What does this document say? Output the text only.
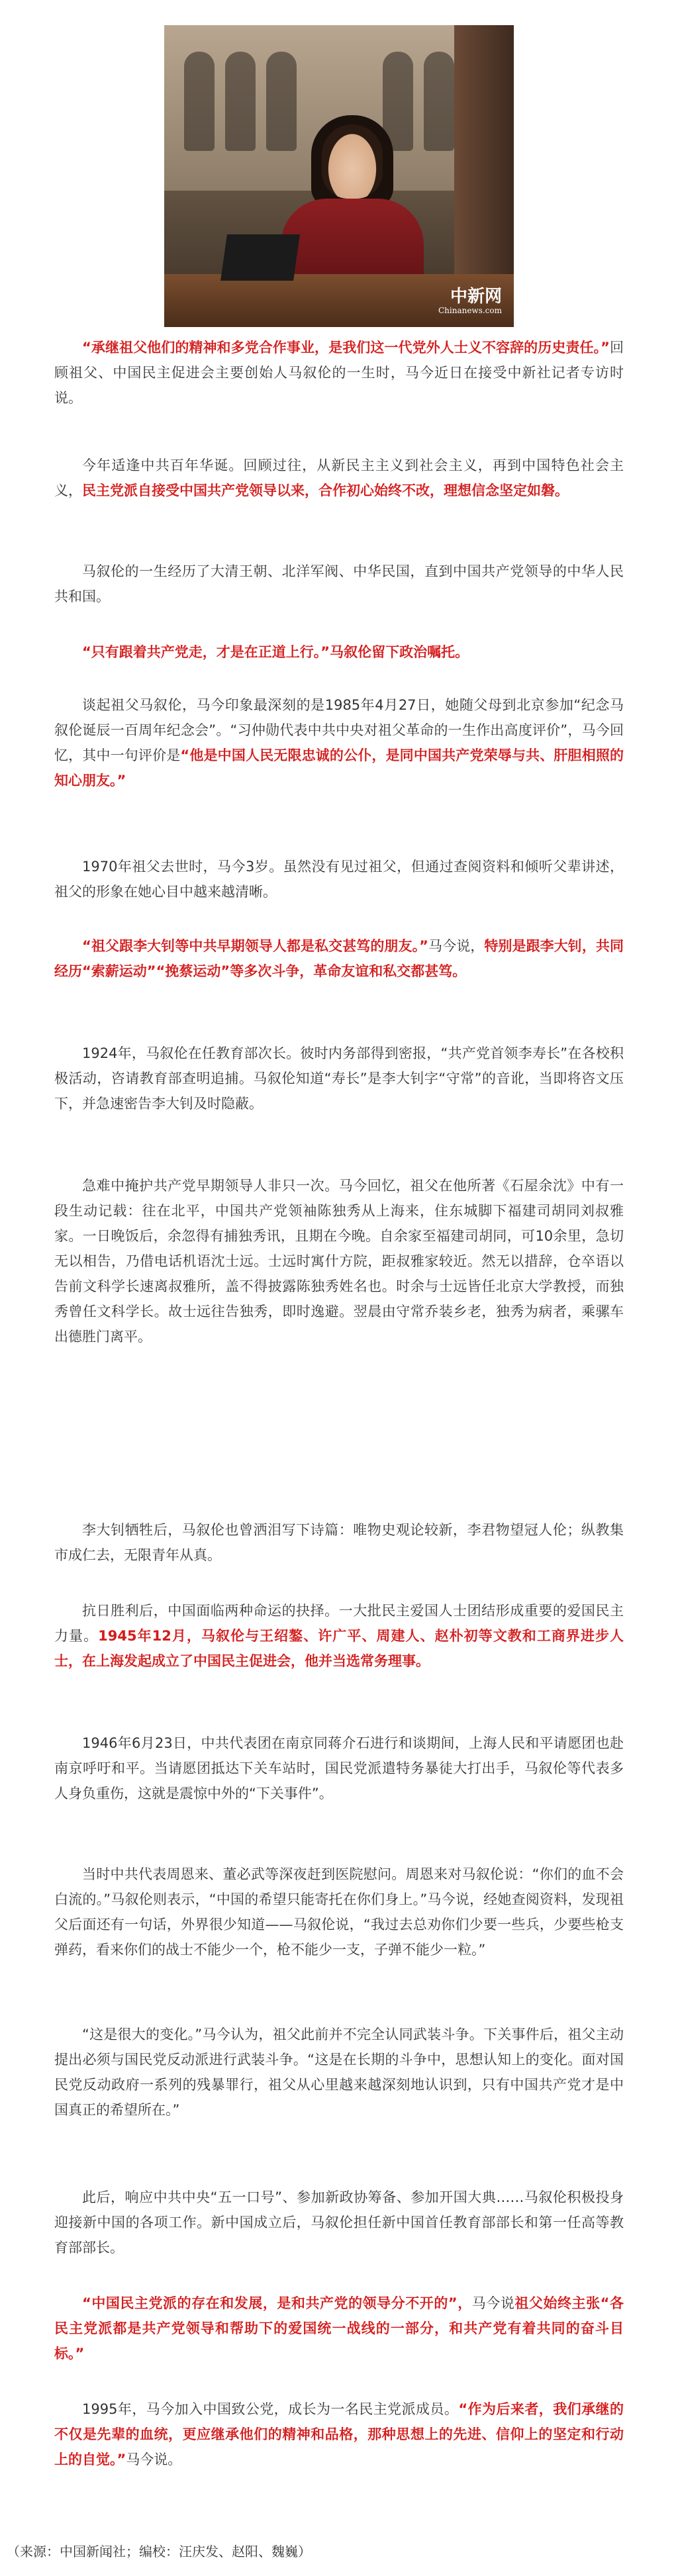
中新网
Chinanews.com

“承继祖父他们的精神和多党合作事业，是我们这一代党外人士义不容辞的历史责任。”回顾祖父、中国民主促进会主要创始人马叙伦的一生时，马今近日在接受中新社记者专访时说。

今年适逢中共百年华诞。回顾过往，从新民主主义到社会主义，再到中国特色社会主义，民主党派自接受中国共产党领导以来，合作初心始终不改，理想信念坚定如磐。

马叙伦的一生经历了大清王朝、北洋军阀、中华民国，直到中国共产党领导的中华人民共和国。

“只有跟着共产党走，才是在正道上行。”马叙伦留下政治嘱托。

谈起祖父马叙伦，马今印象最深刻的是1985年4月27日，她随父母到北京参加“纪念马叙伦诞辰一百周年纪念会”。“习仲勋代表中共中央对祖父革命的一生作出高度评价”，马今回忆，其中一句评价是“他是中国人民无限忠诚的公仆，是同中国共产党荣辱与共、肝胆相照的知心朋友。”

1970年祖父去世时，马今3岁。虽然没有见过祖父，但通过查阅资料和倾听父辈讲述，祖父的形象在她心目中越来越清晰。

“祖父跟李大钊等中共早期领导人都是私交甚笃的朋友。”马今说，特别是跟李大钊，共同经历“索薪运动”“挽蔡运动”等多次斗争，革命友谊和私交都甚笃。

1924年，马叙伦在任教育部次长。彼时内务部得到密报，“共产党首领李寿长”在各校积极活动，咨请教育部查明追捕。马叙伦知道“寿长”是李大钊字“守常”的音讹，当即将咨文压下，并急速密告李大钊及时隐蔽。

急难中掩护共产党早期领导人非只一次。马今回忆，祖父在他所著《石屋余沈》中有一段生动记载：往在北平，中国共产党领袖陈独秀从上海来，住东城脚下福建司胡同刘叔雅家。一日晚饭后，余忽得有捕独秀讯，且期在今晚。自余家至福建司胡同，可10余里，急切无以相告，乃借电话机语沈士远。士远时寓什方院，距叔雅家较近。然无以措辞，仓卒语以告前文科学长速离叔雅所，盖不得披露陈独秀姓名也。时余与士远皆任北京大学教授，而独秀曾任文科学长。故士远往告独秀，即时逸避。翌晨由守常乔装乡老，独秀为病者，乘骡车出德胜门离平。

李大钊牺牲后，马叙伦也曾洒泪写下诗篇：唯物史观论较新，李君物望冠人伦；纵教集市成仁去，无限青年从真。

抗日胜利后，中国面临两种命运的抉择。一大批民主爱国人士团结形成重要的爱国民主力量。1945年12月，马叙伦与王绍鏊、许广平、周建人、赵朴初等文教和工商界进步人士，在上海发起成立了中国民主促进会，他并当选常务理事。

1946年6月23日，中共代表团在南京同蒋介石进行和谈期间，上海人民和平请愿团也赴南京呼吁和平。当请愿团抵达下关车站时，国民党派遣特务暴徒大打出手，马叙伦等代表多人身负重伤，这就是震惊中外的“下关事件”。

当时中共代表周恩来、董必武等深夜赶到医院慰问。周恩来对马叙伦说：“你们的血不会白流的。”马叙伦则表示，“中国的希望只能寄托在你们身上。”马今说，经她查阅资料，发现祖父后面还有一句话，外界很少知道——马叙伦说，“我过去总劝你们少要一些兵，少要些枪支弹药，看来你们的战士不能少一个，枪不能少一支，子弹不能少一粒。”

“这是很大的变化。”马今认为，祖父此前并不完全认同武装斗争。下关事件后，祖父主动提出必须与国民党反动派进行武装斗争。“这是在长期的斗争中，思想认知上的变化。面对国民党反动政府一系列的残暴罪行，祖父从心里越来越深刻地认识到，只有中国共产党才是中国真正的希望所在。”

此后，响应中共中央“五一口号”、参加新政协筹备、参加开国大典……马叙伦积极投身迎接新中国的各项工作。新中国成立后，马叙伦担任新中国首任教育部部长和第一任高等教育部部长。

“中国民主党派的存在和发展，是和共产党的领导分不开的”，马今说祖父始终主张“各民主党派都是共产党领导和帮助下的爱国统一战线的一部分，和共产党有着共同的奋斗目标。”

1995年，马今加入中国致公党，成长为一名民主党派成员。“作为后来者，我们承继的不仅是先辈的血统，更应继承他们的精神和品格，那种思想上的先进、信仰上的坚定和行动上的自觉。”马今说。

（来源：中国新闻社；编校：汪庆发、赵阳、魏巍）
